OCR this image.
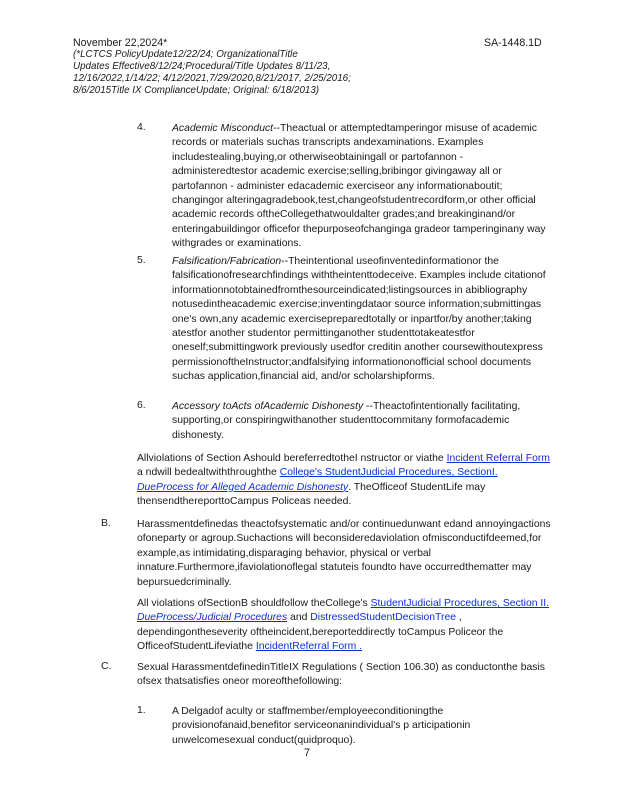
November 22,2024*
(*LCTCS PolicyUpdate12/22/24; OrganizationalTitle
Updates Effective8/12/24;Procedural/Title Updates 8/11/23,
12/16/2022,1/14/22; 4/12/2021,7/29/2020,8/21/2017, 2/25/2016;
8/6/2015Title IX ComplianceUpdate; Original: 6/18/2013)
SA-1448.1D
4.	Academic Misconduct--Theactual or attemptedtamperingor misuse of academic records or materials suchas transcripts andexaminations. Examples includestealing,buying,or otherwiseobtainingall or partofannon - administeredtestor academic exercise;selling,bribingor givingaway all or partofannon - administer edacademic exerciseor any informationaboutit; changingor alteringagradebook,test,changeofstudentrecordform,or other official academic records oftheCollegethatwouldalter grades;and breakinginand/or enteringabuildingor officefor thepurposeofchanginga gradeor tamperinginany way withgrades or examinations.
5.	Falsification/Fabrication--Theintentional useofinventedinformationor the falsificationofresearchfindings withtheintenttodeceive. Examples include citationof informationnotobtainedfromthesourceindicated;listingsources in abibliography notusedintheacademic exercise;inventingdataor source information;submittingas one's own,any academic exercisepreparedtotally or inpartfor/by another;taking atestfor another studentor permittinganother studenttotakeatestfor oneself;submittingwork previously usedfor creditin another coursewithoutexpress permissionoftheInstructor;andfalsifying informationonofficial school documents suchas application,financial aid, and/or scholarshipforms.
6.	Accessory toActs ofAcademic Dishonesty --Theactofintentionally facilitating, supporting,or conspiringwithanother studenttocommitany formofacademic dishonesty.
Allviolations of Section Ashould bereferredtotheI nstructor or viathe Incident Referral Form a ndwill bedealtwiththroughthe College's StudentJudicial Procedures, SectionI. DueProcess for Alleged Academic Dishonesty. TheOfficeof StudentLife may thensendthereporttoCampus Policeas needed.
B.	Harassmentdefinedas theactofsystematic and/or continuedunwant edand annoyingactions ofoneparty or agroup.Suchactions will beconsideredaviolation ofmisconductifdeemed,for example,as intimidating,disparaging behavior, physical or verbal innature.Furthermore,ifaviolationoflegal statuteis foundto have occurredthematter may bepursuedcriminally.
All violations ofSectionB shouldfollow theCollege's StudentJudicial Procedures, Section II. DueProcess/Judicial Procedures and DistressedStudentDecisionTree , dependingontheseverity oftheincident,bereporteddirectly toCampus Policeor the OfficeofStudentLifeviathe IncidentReferral Form .
C. Sexual HarassmentdefinedinTitleIX Regulations ( Section 106.30) as conductonthe basis ofsex thatsatisfies oneor moreofthefollowing:
1.	A Delgadof aculty or staffmember/employeeconditioningthe provisionofanaid,benefitor serviceonanindividual's p articipationin unwelcomesexual conduct(quidproquo).
7
